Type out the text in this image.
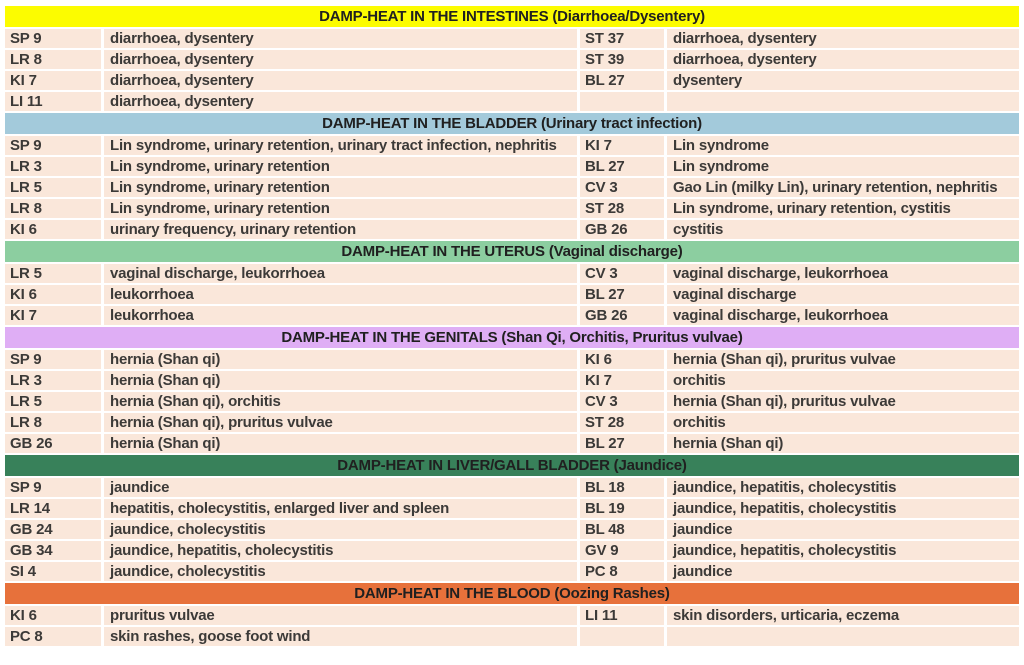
DAMP-HEAT IN THE INTESTINES (Diarrhoea/Dysentery)
SP 9	diarrhoea, dysentery	ST 37	diarrhoea, dysentery
LR 8	diarrhoea, dysentery	ST 39	diarrhoea, dysentery
KI 7	diarrhoea, dysentery	BL 27	dysentery
LI 11	diarrhoea, dysentery
DAMP-HEAT IN THE BLADDER (Urinary tract infection)
SP 9	Lin syndrome, urinary retention, urinary tract infection, nephritis	KI 7	Lin syndrome
LR 3	Lin syndrome, urinary retention	BL 27	Lin syndrome
LR 5	Lin syndrome, urinary retention	CV 3	Gao Lin (milky Lin), urinary retention, nephritis
LR 8	Lin syndrome, urinary retention	ST 28	Lin syndrome, urinary retention, cystitis
KI 6	urinary frequency, urinary retention	GB 26	cystitis
DAMP-HEAT IN THE UTERUS (Vaginal discharge)
LR 5	vaginal discharge, leukorrhoea	CV 3	vaginal discharge, leukorrhoea
KI 6	leukorrhoea	BL 27	vaginal discharge
KI 7	leukorrhoea	GB 26	vaginal discharge, leukorrhoea
DAMP-HEAT IN THE GENITALS (Shan Qi, Orchitis, Pruritus vulvae)
SP 9	hernia (Shan qi)	KI 6	hernia (Shan qi), pruritus vulvae
LR 3	hernia (Shan qi)	KI 7	orchitis
LR 5	hernia (Shan qi), orchitis	CV 3	hernia (Shan qi), pruritus vulvae
LR 8	hernia (Shan qi), pruritus vulvae	ST 28	orchitis
GB 26	hernia (Shan qi)	BL 27	hernia (Shan qi)
DAMP-HEAT IN LIVER/GALL BLADDER (Jaundice)
SP 9	jaundice	BL 18	jaundice, hepatitis, cholecystitis
LR 14	hepatitis, cholecystitis, enlarged liver and spleen	BL 19	jaundice, hepatitis, cholecystitis
GB 24	jaundice, cholecystitis	BL 48	jaundice
GB 34	jaundice, hepatitis, cholecystitis	GV 9	jaundice, hepatitis, cholecystitis
SI 4	jaundice, cholecystitis	PC 8	jaundice
DAMP-HEAT IN THE BLOOD (Oozing Rashes)
KI 6	pruritus vulvae	LI 11	skin disorders, urticaria, eczema
PC 8	skin rashes, goose foot wind
